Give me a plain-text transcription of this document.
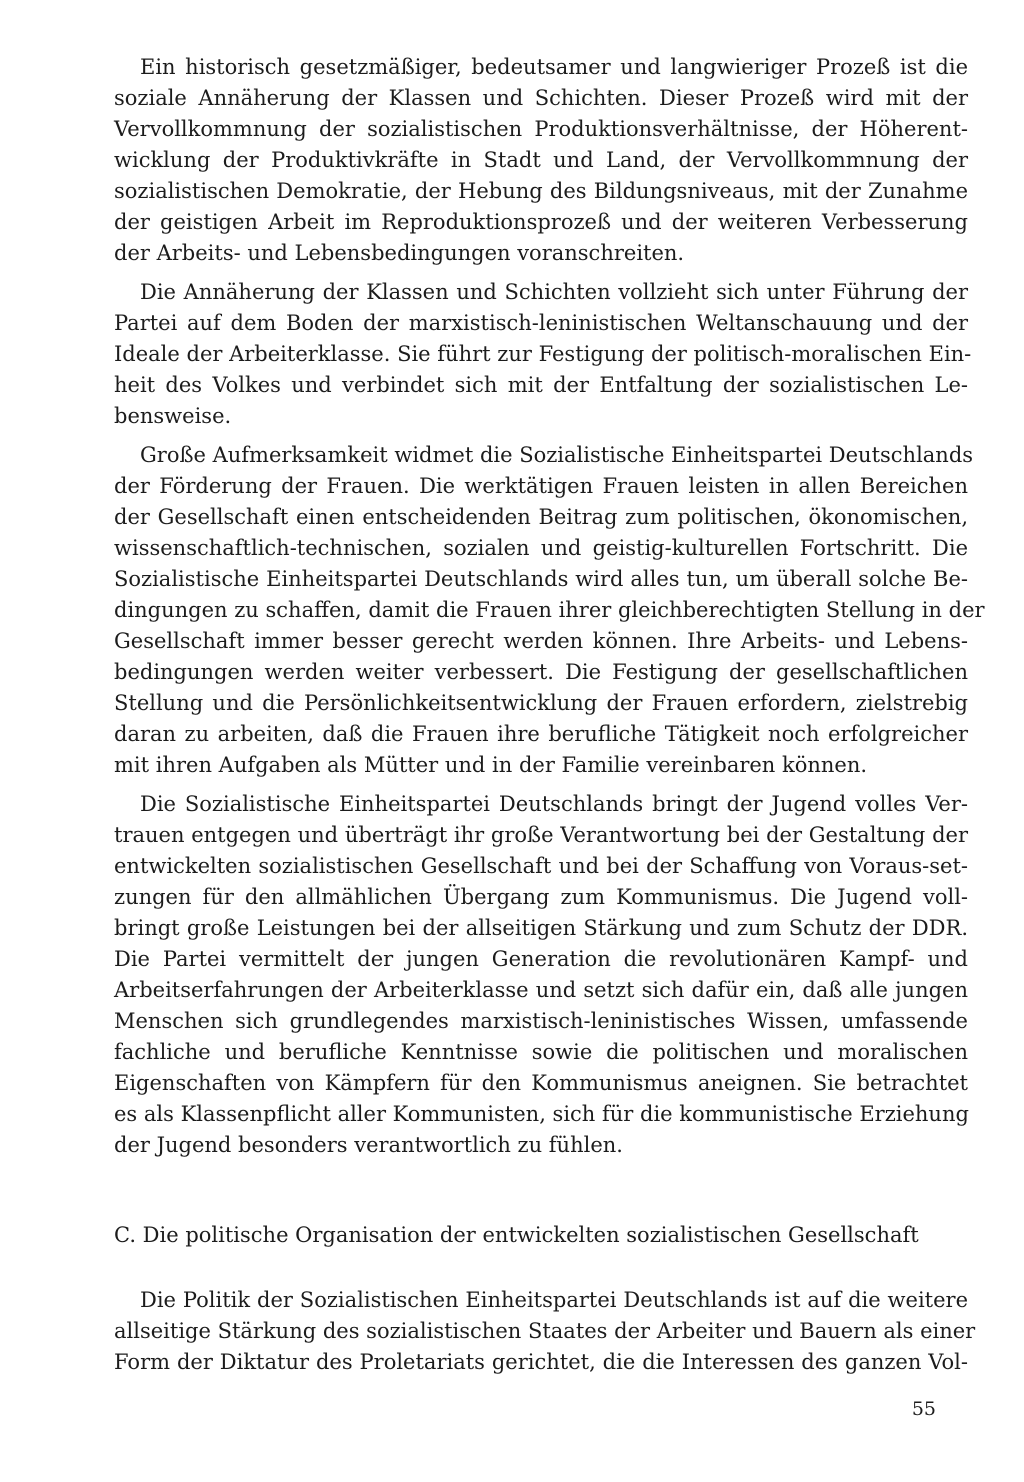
Ein historisch gesetzmäßiger, bedeutsamer und langwieriger Prozeß ist die
soziale Annäherung der Klassen und Schichten. Dieser Prozeß wird mit der
Vervollkommnung der sozialistischen Produktionsverhältnisse, der Höherent-
wicklung der Produktivkräfte in Stadt und Land, der Vervollkommnung der
sozialistischen Demokratie, der Hebung des Bildungsniveaus, mit der Zunahme
der geistigen Arbeit im Reproduktionsprozeß und der weiteren Verbesserung
der Arbeits- und Lebensbedingungen voranschreiten.

Die Annäherung der Klassen und Schichten vollzieht sich unter Führung der
Partei auf dem Boden der marxistisch-leninistischen Weltanschauung und der
Ideale der Arbeiterklasse. Sie führt zur Festigung der politisch-moralischen Ein-
heit des Volkes und verbindet sich mit der Entfaltung der sozialistischen Le-
bensweise.

Große Aufmerksamkeit widmet die Sozialistische Einheitspartei Deutschlands
der Förderung der Frauen. Die werktätigen Frauen leisten in allen Bereichen
der Gesellschaft einen entscheidenden Beitrag zum politischen, ökonomischen,
wissenschaftlich-technischen, sozialen und geistig-kulturellen Fortschritt. Die
Sozialistische Einheitspartei Deutschlands wird alles tun, um überall solche Be-
dingungen zu schaffen, damit die Frauen ihrer gleichberechtigten Stellung in der
Gesellschaft immer besser gerecht werden können. Ihre Arbeits- und Lebens-
bedingungen werden weiter verbessert. Die Festigung der gesellschaftlichen
Stellung und die Persönlichkeitsentwicklung der Frauen erfordern, zielstrebig
daran zu arbeiten, daß die Frauen ihre berufliche Tätigkeit noch erfolgreicher
mit ihren Aufgaben als Mütter und in der Familie vereinbaren können.

Die Sozialistische Einheitspartei Deutschlands bringt der Jugend volles Ver-
trauen entgegen und überträgt ihr große Verantwortung bei der Gestaltung der
entwickelten sozialistischen Gesellschaft und bei der Schaffung von Voraus-set-
zungen für den allmählichen Übergang zum Kommunismus. Die Jugend voll-
bringt große Leistungen bei der allseitigen Stärkung und zum Schutz der DDR.
Die Partei vermittelt der jungen Generation die revolutionären Kampf- und
Arbeitserfahrungen der Arbeiterklasse und setzt sich dafür ein, daß alle jungen
Menschen sich grundlegendes marxistisch-leninistisches Wissen, umfassende
fachliche und berufliche Kenntnisse sowie die politischen und moralischen
Eigenschaften von Kämpfern für den Kommunismus aneignen. Sie betrachtet
es als Klassenpflicht aller Kommunisten, sich für die kommunistische Erziehung
der Jugend besonders verantwortlich zu fühlen.

C. Die politische Organisation der entwickelten sozialistischen Gesellschaft

Die Politik der Sozialistischen Einheitspartei Deutschlands ist auf die weitere
allseitige Stärkung des sozialistischen Staates der Arbeiter und Bauern als einer
Form der Diktatur des Proletariats gerichtet, die die Interessen des ganzen Vol-

55
